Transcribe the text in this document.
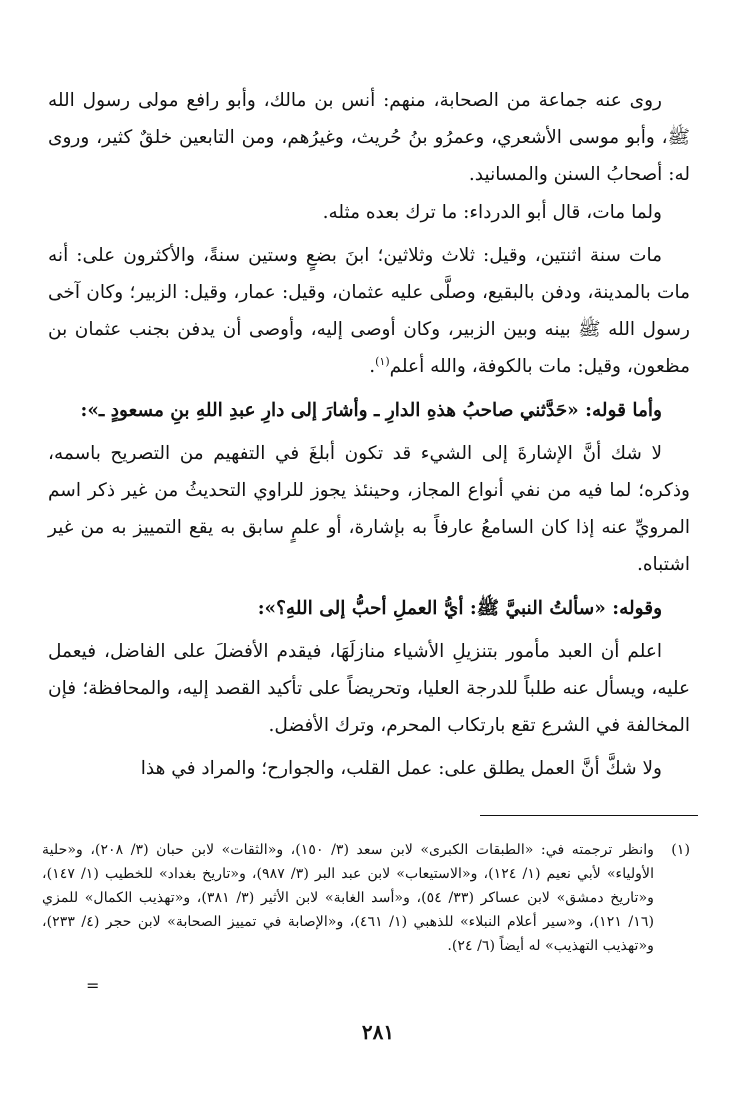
روى عنه جماعة من الصحابة، منهم: أنس بن مالك، وأبو رافع مولى رسول الله ﷺ، وأبو موسى الأشعري، وعمرُو بنُ حُريث، وغيرُهم، ومن التابعين خلقٌ كثير، وروى له: أصحابُ السنن والمسانيد.

ولما مات، قال أبو الدرداء: ما ترك بعده مثله.

مات سنة اثنتين، وقيل: ثلاث وثلاثين؛ ابنَ بضعٍ وستين سنةً، والأكثرون على: أنه مات بالمدينة، ودفن بالبقيع، وصلَّى عليه عثمان، وقيل: عمار، وقيل: الزبير؛ وكان آخى رسول الله ﷺ بينه وبين الزبير، وكان أوصى إليه، وأوصى أن يدفن بجنب عثمان بن مظعون، وقيل: مات بالكوفة، والله أعلم$^{(١)}$.

وأما قوله: «حَدَّثني صاحبُ هذهِ الدارِ ـ وأشارَ إلى دارِ عبدِ اللهِ بنِ مسعودٍ ـ»:

لا شك أنَّ الإشارةَ إلى الشيء قد تكون أبلغَ في التفهيم من التصريح باسمه، وذكره؛ لما فيه من نفي أنواع المجاز، وحينئذ يجوز للراوي التحديثُ من غير ذكر اسم المرويِّ عنه إذا كان السامعُ عارفاً به بإشارة، أو علمٍ سابق به يقع التمييز به من غير اشتباه.

وقوله: «سألتُ النبيَّ ﷺ: أيُّ العملِ أحبُّ إلى اللهِ؟»:

اعلم أن العبد مأمور بتنزيلِ الأشياء منازلَهَا، فيقدم الأفضلَ على الفاضل، فيعمل عليه، ويسأل عنه طلباً للدرجة العليا، وتحريضاً على تأكيد القصد إليه، والمحافظة؛ فإن المخالفة في الشرع تقع بارتكاب المحرم، وترك الأفضل.

ولا شكَّ أنَّ العمل يطلق على: عمل القلب، والجوارح؛ والمراد في هذا

(١)
وانظر ترجمته في: «الطبقات الكبرى» لابن سعد (٣/ ١٥٠)، و«الثقات» لابن حبان (٣/ ٢٠٨)، و«حلية الأولياء» لأبي نعيم (١/ ١٢٤)، و«الاستيعاب» لابن عبد البر (٣/ ٩٨٧)، و«تاريخ بغداد» للخطيب (١/ ١٤٧)، و«تاريخ دمشق» لابن عساكر (٣٣/ ٥٤)، و«أسد الغابة» لابن الأثير (٣/ ٣٨١)، و«تهذيب الكمال» للمزي (١٦/ ١٢١)، و«سير أعلام النبلاء» للذهبي (١/ ٤٦١)، و«الإصابة في تمييز الصحابة» لابن حجر (٤/ ٢٣٣)، و«تهذيب التهذيب» له أيضاً (٦/ ٢٤).
=
٢٨١
